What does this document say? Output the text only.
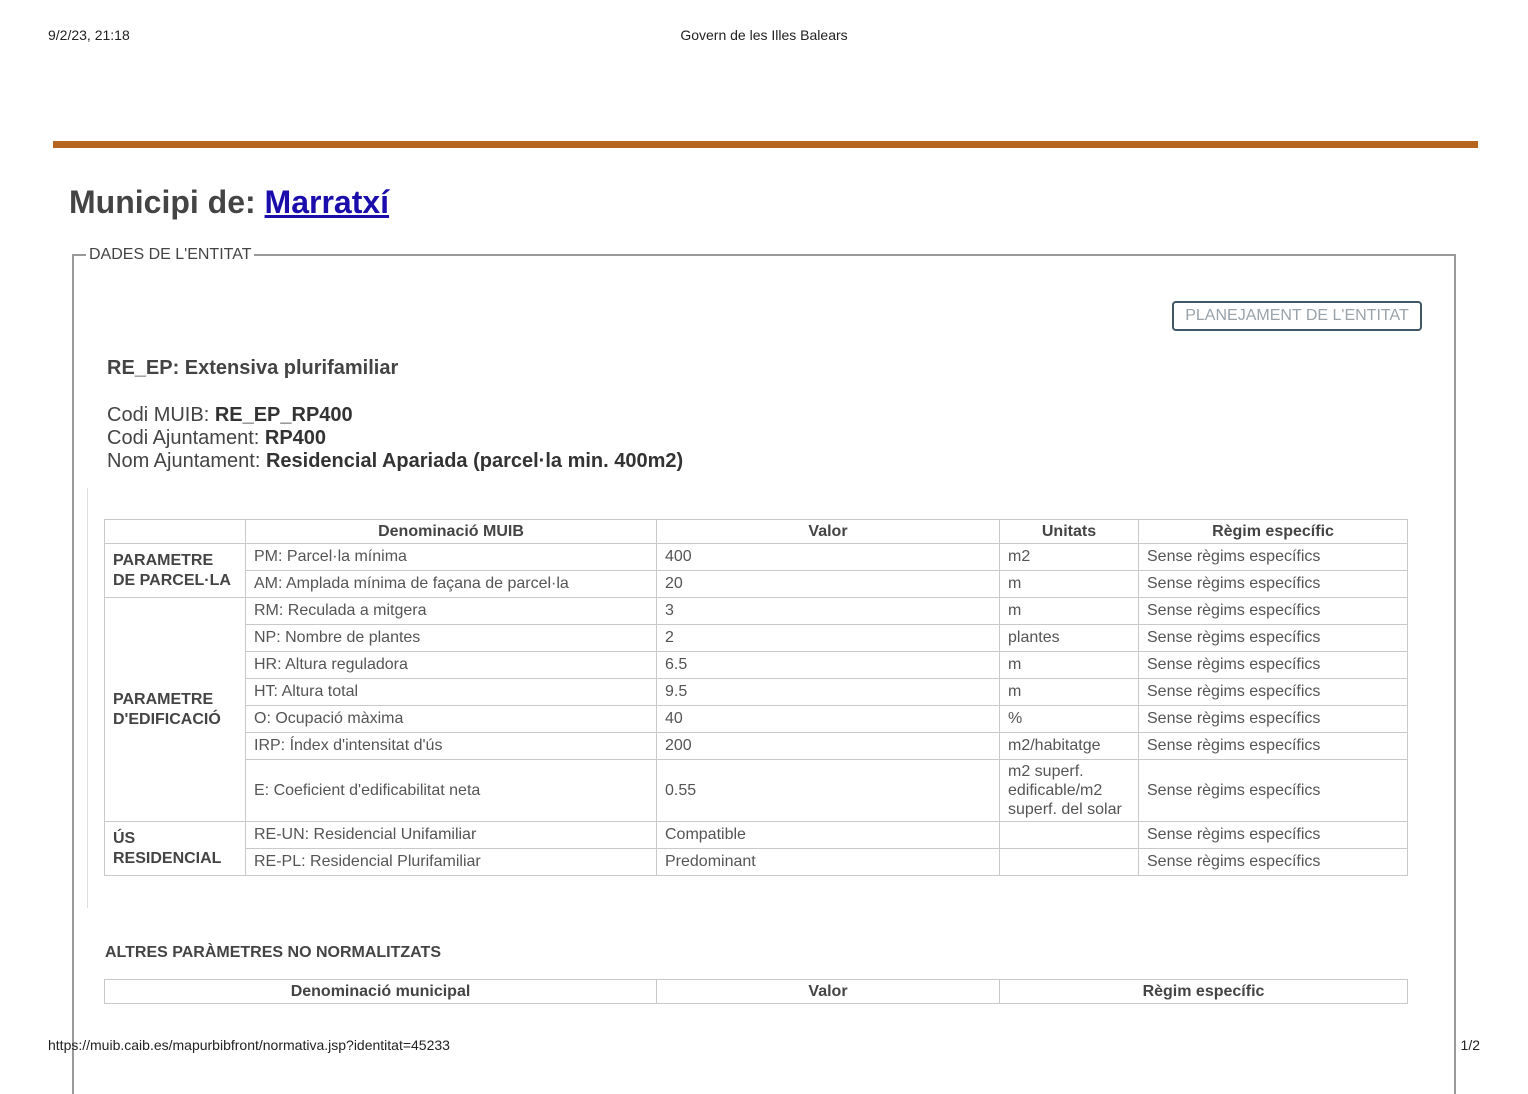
9/2/23, 21:18	Govern de les Illes Balears
Municipi de: Marratxí
DADES DE L'ENTITAT
PLANEJAMENT DE L'ENTITAT
RE_EP: Extensiva plurifamiliar
Codi MUIB: RE_EP_RP400
Codi Ajuntament: RP400
Nom Ajuntament: Residencial Apariada (parcel·la min. 400m2)
	Denominació MUIB	Valor	Unitats	Règim específic
PARAMETRE DE PARCEL·LA	PM: Parcel·la mínima	400	m2	Sense règims específics
	AM: Amplada mínima de façana de parcel·la	20	m	Sense règims específics
PARAMETRE D'EDIFICACIÓ	RM: Reculada a mitgera	3	m	Sense règims específics
	NP: Nombre de plantes	2	plantes	Sense règims específics
	HR: Altura reguladora	6.5	m	Sense règims específics
	HT: Altura total	9.5	m	Sense règims específics
	O: Ocupació màxima	40	%	Sense règims específics
	IRP: Índex d'intensitat d'ús	200	m2/habitatge	Sense règims específics
	E: Coeficient d'edificabilitat neta	0.55	m2 superf. edificable/m2 superf. del solar	Sense règims específics
ÚS RESIDENCIAL	RE-UN: Residencial Unifamiliar	Compatible		Sense règims específics
	RE-PL: Residencial Plurifamiliar	Predominant		Sense règims específics
ALTRES PARÀMETRES NO NORMALITZATS
Denominació municipal	Valor	Règim específic
https://muib.caib.es/mapurbibfront/normativa.jsp?identitat=45233	1/2
